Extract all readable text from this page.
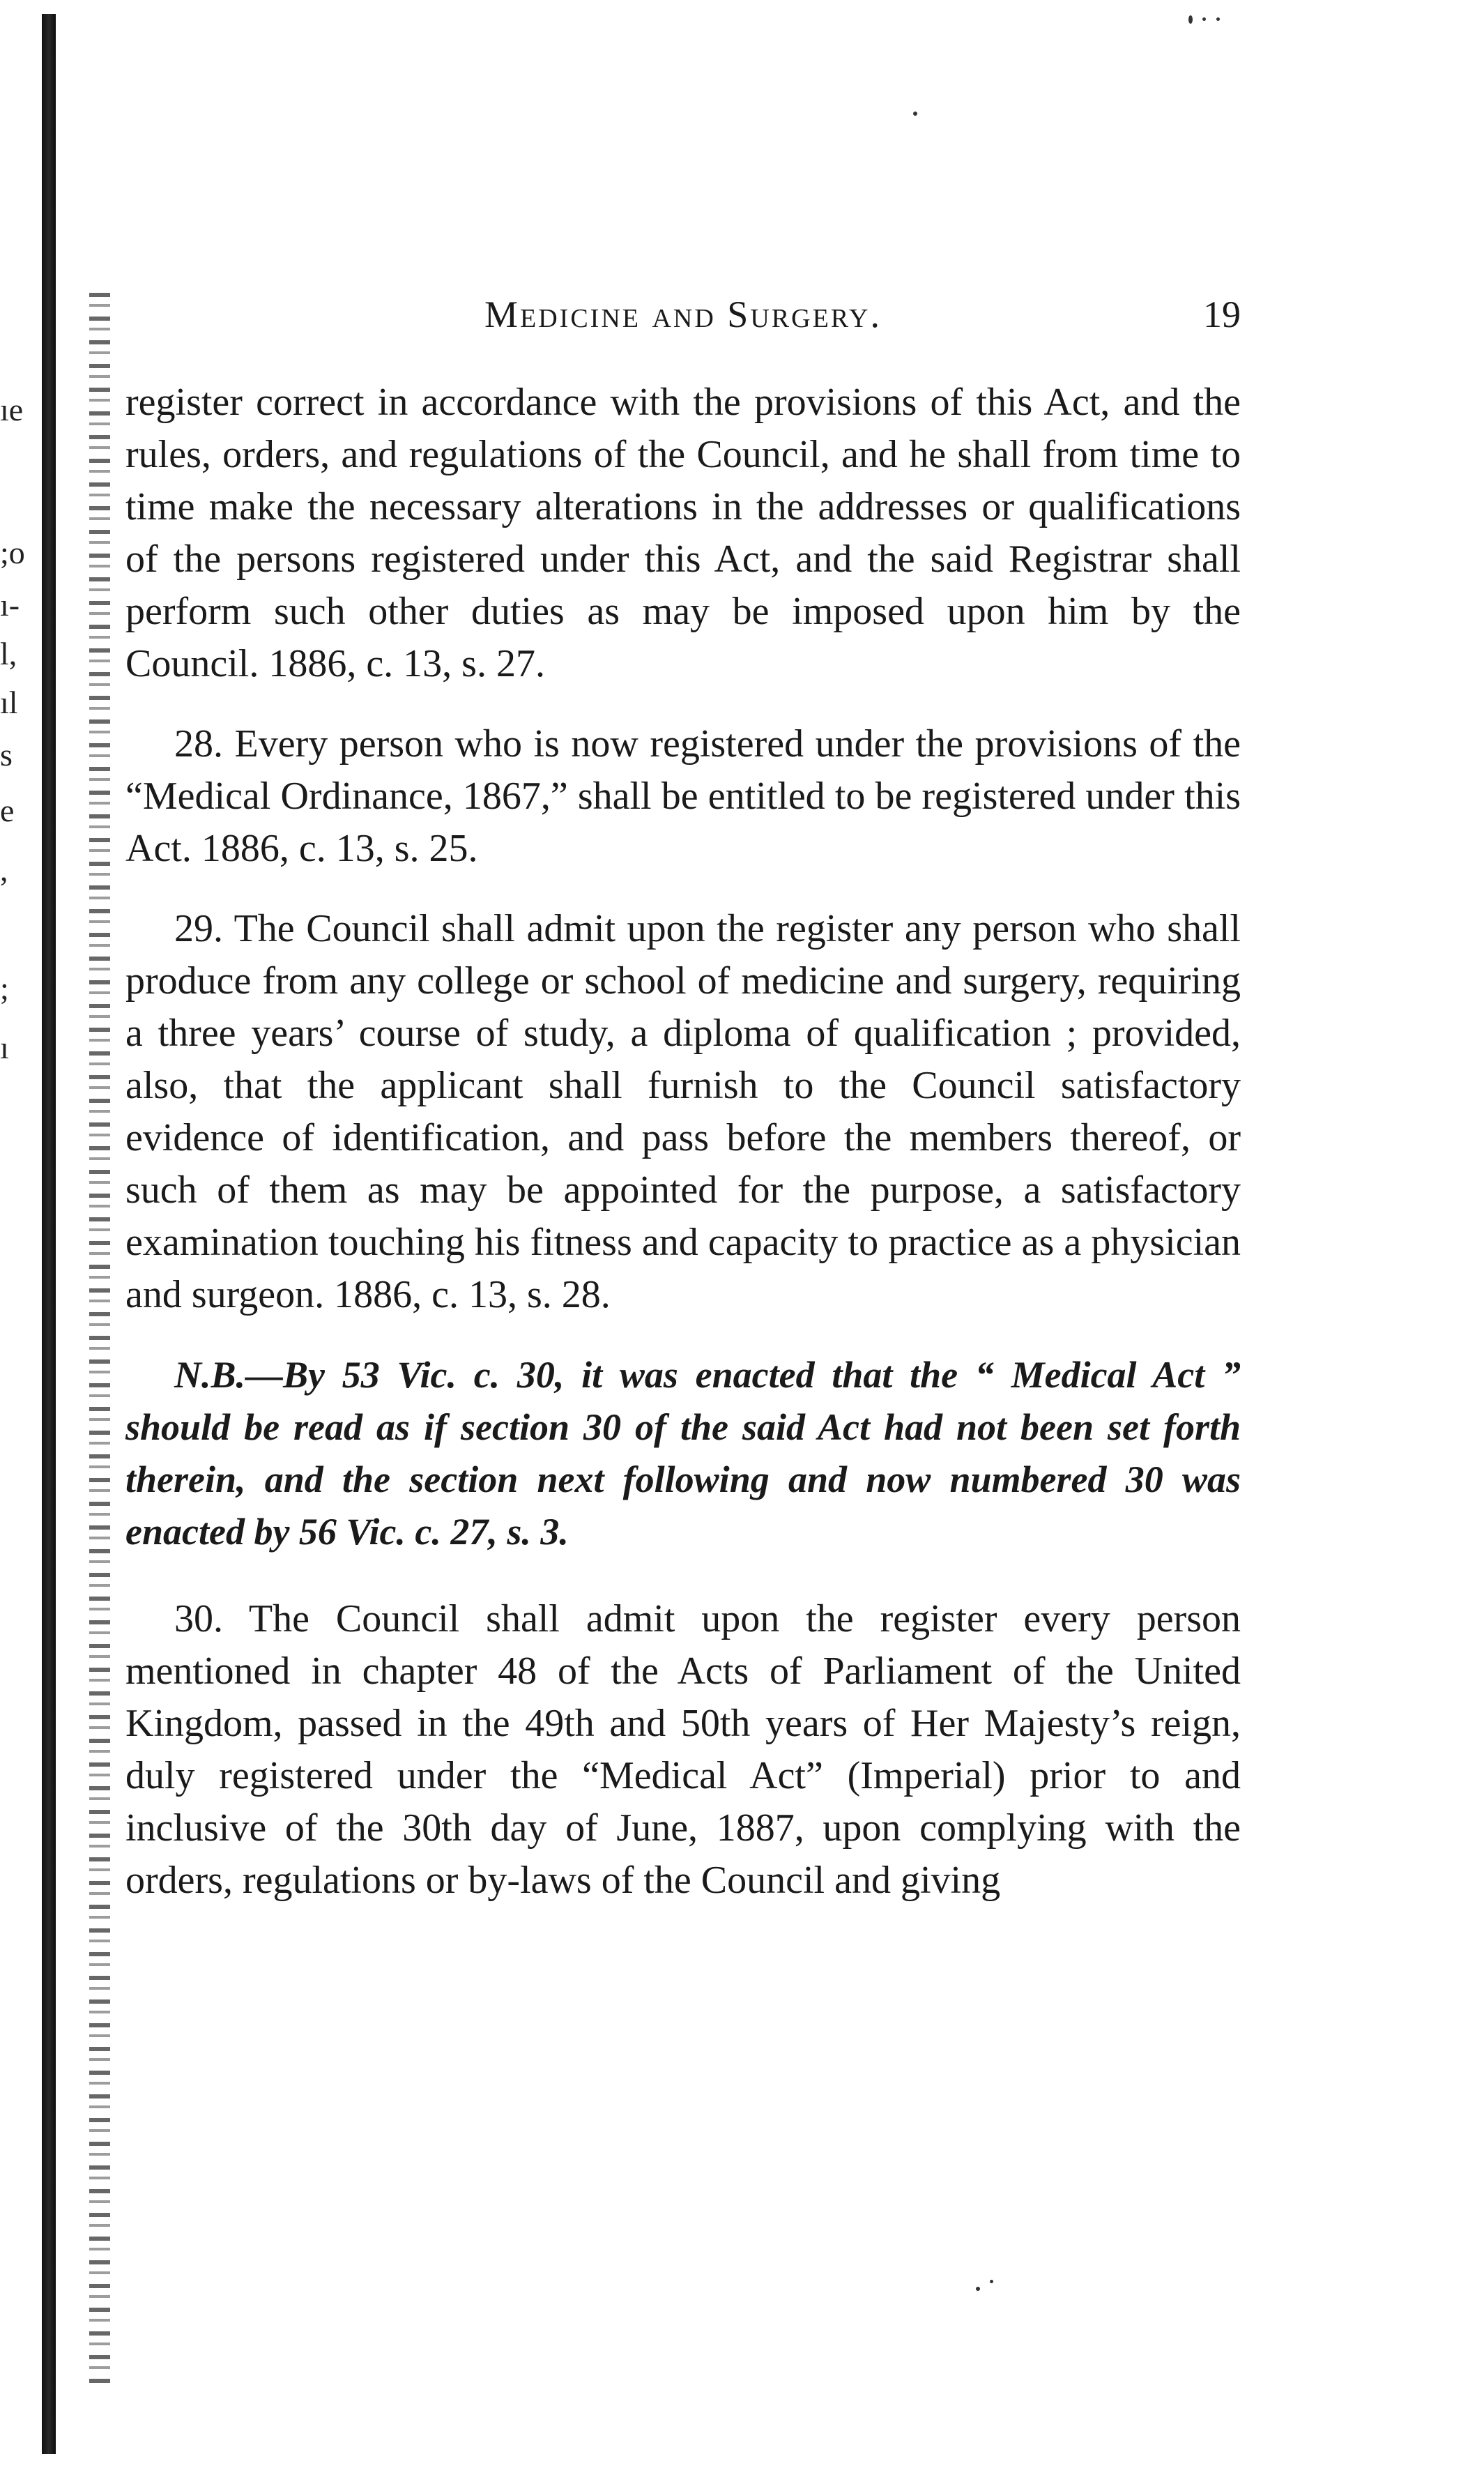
ıe
;o
ı-
l,
ıl
s
e
,
;
ı
Medicine and Surgery.	19

register correct in accordance with the provisions of this Act, and the rules, orders, and regulations of the Council, and he shall from time to time make the necessary alterations in the addresses or qualifications of the persons registered under this Act, and the said Registrar shall perform such other duties as may be imposed upon him by the Council. 1886, c. 13, s. 27.

28. Every person who is now registered under the provisions of the “Medical Ordinance, 1867,” shall be entitled to be registered under this Act. 1886, c. 13, s. 25.

29. The Council shall admit upon the register any person who shall produce from any college or school of medicine and surgery, requiring a three years’ course of study, a diploma of qualification ; provided, also, that the applicant shall furnish to the Council satisfactory evidence of identification, and pass before the members thereof, or such of them as may be appointed for the purpose, a satisfactory examination touching his fitness and capacity to practice as a physician and surgeon. 1886, c. 13, s. 28.

N.B.—By 53 Vic. c. 30, it was enacted that the “ Medical Act ” should be read as if section 30 of the said Act had not been set forth therein, and the section next following and now numbered 30 was enacted by 56 Vic. c. 27, s. 3.

30. The Council shall admit upon the register every person mentioned in chapter 48 of the Acts of Parliament of the United Kingdom, passed in the 49th and 50th years of Her Majesty’s reign, duly registered under the “Medical Act” (Imperial) prior to and inclusive of the 30th day of June, 1887, upon complying with the orders, regulations or by-laws of the Council and giving
